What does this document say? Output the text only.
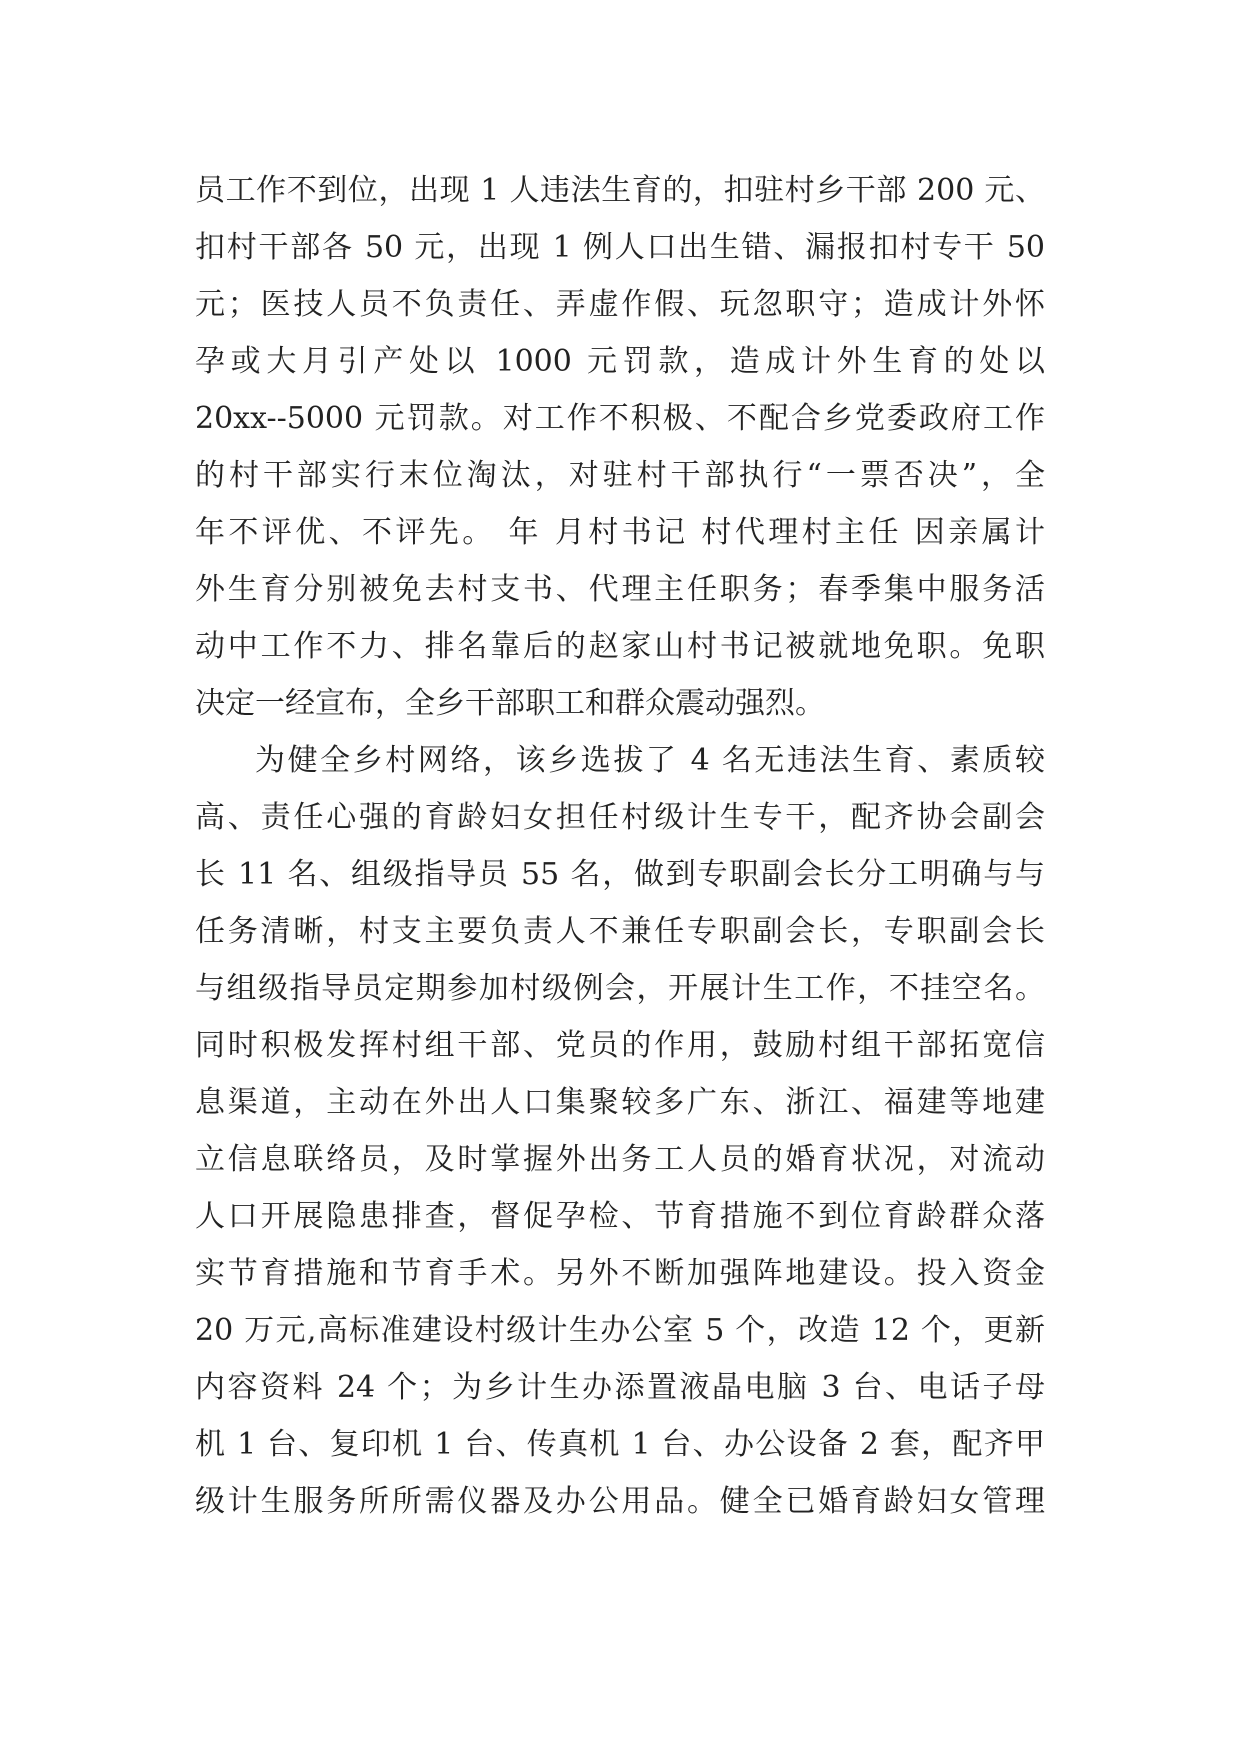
员工作不到位，出现 1 人违法生育的，扣驻村乡干部 200 元、
扣村干部各 50 元，出现 1 例人口出生错、漏报扣村专干 50
元；医技人员不负责任、弄虚作假、玩忽职守；造成计外怀
孕或大月引产处以 1000 元罚款，造成计外生育的处以
20xx--5000 元罚款。对工作不积极、不配合乡党委政府工作
的村干部实行末位淘汰，对驻村干部执行“一票否决”，全
年不评优、不评先。 年 月村书记 村代理村主任 因亲属计
外生育分别被免去村支书、代理主任职务；春季集中服务活
动中工作不力、排名靠后的赵家山村书记被就地免职。免职
决定一经宣布，全乡干部职工和群众震动强烈。
为健全乡村网络，该乡选拔了 4 名无违法生育、素质较
高、责任心强的育龄妇女担任村级计生专干，配齐协会副会
长 11 名、组级指导员 55 名，做到专职副会长分工明确与与
任务清晰，村支主要负责人不兼任专职副会长，专职副会长
与组级指导员定期参加村级例会，开展计生工作，不挂空名。
同时积极发挥村组干部、党员的作用，鼓励村组干部拓宽信
息渠道，主动在外出人口集聚较多广东、浙江、福建等地建
立信息联络员，及时掌握外出务工人员的婚育状况，对流动
人口开展隐患排查，督促孕检、节育措施不到位育龄群众落
实节育措施和节育手术。另外不断加强阵地建设。投入资金
20 万元,高标准建设村级计生办公室 5 个，改造 12 个，更新
内容资料 24 个；为乡计生办添置液晶电脑 3 台、电话子母
机 1 台、复印机 1 台、传真机 1 台、办公设备 2 套，配齐甲
级计生服务所所需仪器及办公用品。健全已婚育龄妇女管理
